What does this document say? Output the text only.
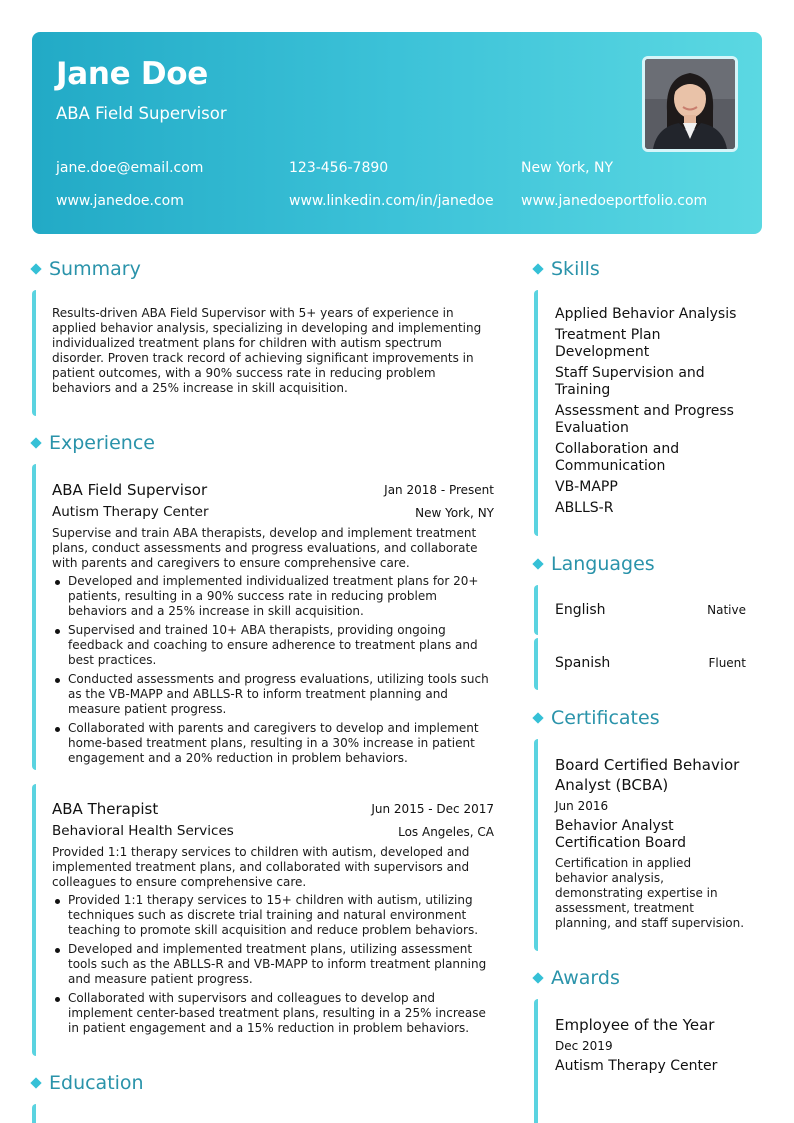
Jane Doe
ABA Field Supervisor
jane.doe@email.com	123-456-7890	New York, NY
www.janedoe.com	www.linkedin.com/in/janedoe www.janedoeportfolio.com
Summary
Results-driven ABA Field Supervisor with 5+ years of experience in applied behavior analysis, specializing in developing and implementing individualized treatment plans for children with autism spectrum disorder. Proven track record of achieving significant improvements in patient outcomes, with a 90% success rate in reducing problem behaviors and a 25% increase in skill acquisition.
Experience
ABA Field Supervisor	Jan 2018 - Present
Autism Therapy Center	New York, NY
Supervise and train ABA therapists, develop and implement treatment plans, conduct assessments and progress evaluations, and collaborate with parents and caregivers to ensure comprehensive care.
Developed and implemented individualized treatment plans for 20+ patients, resulting in a 90% success rate in reducing problem behaviors and a 25% increase in skill acquisition.
Supervised and trained 10+ ABA therapists, providing ongoing feedback and coaching to ensure adherence to treatment plans and best practices.
Conducted assessments and progress evaluations, utilizing tools such as the VB-MAPP and ABLLS-R to inform treatment planning and measure patient progress.
Collaborated with parents and caregivers to develop and implement home-based treatment plans, resulting in a 30% increase in patient engagement and a 20% reduction in problem behaviors.
ABA Therapist	Jun 2015 - Dec 2017
Behavioral Health Services	Los Angeles, CA
Provided 1:1 therapy services to children with autism, developed and implemented treatment plans, and collaborated with supervisors and colleagues to ensure comprehensive care.
Provided 1:1 therapy services to 15+ children with autism, utilizing techniques such as discrete trial training and natural environment teaching to promote skill acquisition and reduce problem behaviors.
Developed and implemented treatment plans, utilizing assessment tools such as the ABLLS-R and VB-MAPP to inform treatment planning and measure patient progress.
Collaborated with supervisors and colleagues to develop and implement center-based treatment plans, resulting in a 25% increase in patient engagement and a 15% reduction in problem behaviors.
Education
Skills
Applied Behavior Analysis
Treatment Plan Development
Staff Supervision and Training
Assessment and Progress Evaluation
Collaboration and Communication
VB-MAPP
ABLLS-R
Languages
English	Native
Spanish	Fluent
Certificates
Board Certified Behavior Analyst (BCBA)
Jun 2016
Behavior Analyst Certification Board
Certification in applied behavior analysis, demonstrating expertise in assessment, treatment planning, and staff supervision.
Awards
Employee of the Year
Dec 2019
Autism Therapy Center
